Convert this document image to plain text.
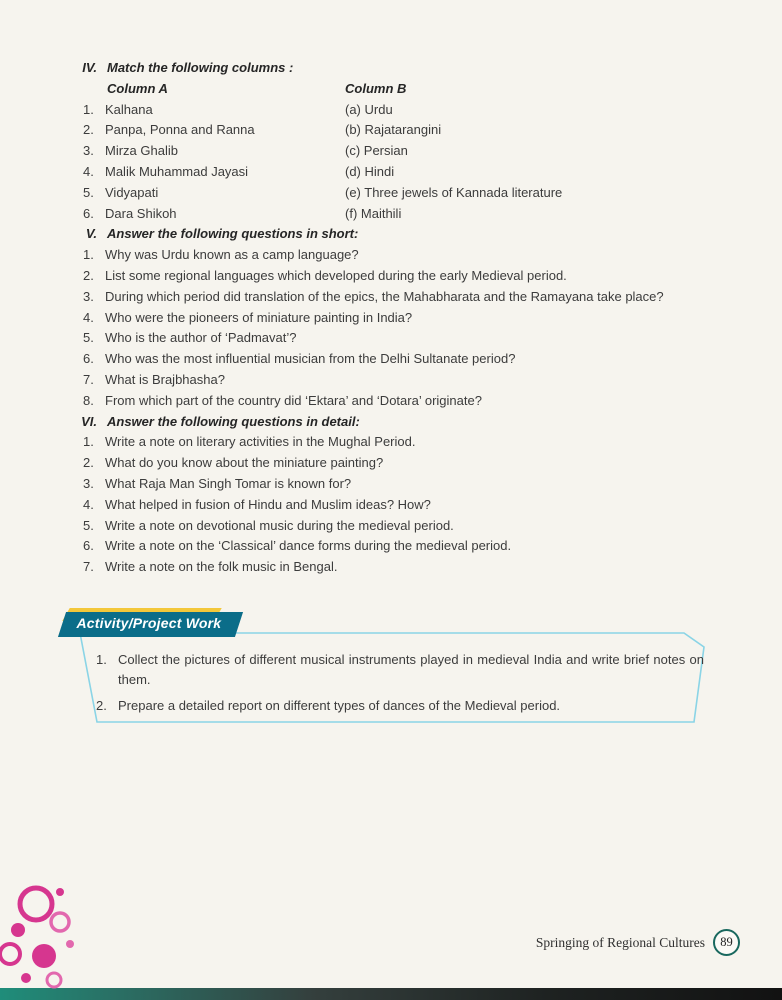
IV. Match the following columns :
Column A	Column B
1. Kalhana	(a) Urdu
2. Panpa, Ponna and Ranna	(b) Rajatarangini
3. Mirza Ghalib	(c) Persian
4. Malik Muhammad Jayasi	(d) Hindi
5. Vidyapati	(e) Three jewels of Kannada literature
6. Dara Shikoh	(f) Maithili
V. Answer the following questions in short:
1. Why was Urdu known as a camp language?
2. List some regional languages which developed during the early Medieval period.
3. During which period did translation of the epics, the Mahabharata and the Ramayana take place?
4. Who were the pioneers of miniature painting in India?
5. Who is the author of ‘Padmavat’?
6. Who was the most influential musician from the Delhi Sultanate period?
7. What is Brajbhasha?
8. From which part of the country did ‘Ektara’ and ‘Dotara’ originate?
VI. Answer the following questions in detail:
1. Write a note on literary activities in the Mughal Period.
2. What do you know about the miniature painting?
3. What Raja Man Singh Tomar is known for?
4. What helped in fusion of Hindu and Muslim ideas? How?
5. Write a note on devotional music during the medieval period.
6. Write a note on the ‘Classical’ dance forms during the medieval period.
7. Write a note on the folk music in Bengal.
Activity/Project Work
1. Collect the pictures of different musical instruments played in medieval India and write brief notes on them.
2. Prepare a detailed report on different types of dances of the Medieval period.
Springing of Regional Cultures 89
